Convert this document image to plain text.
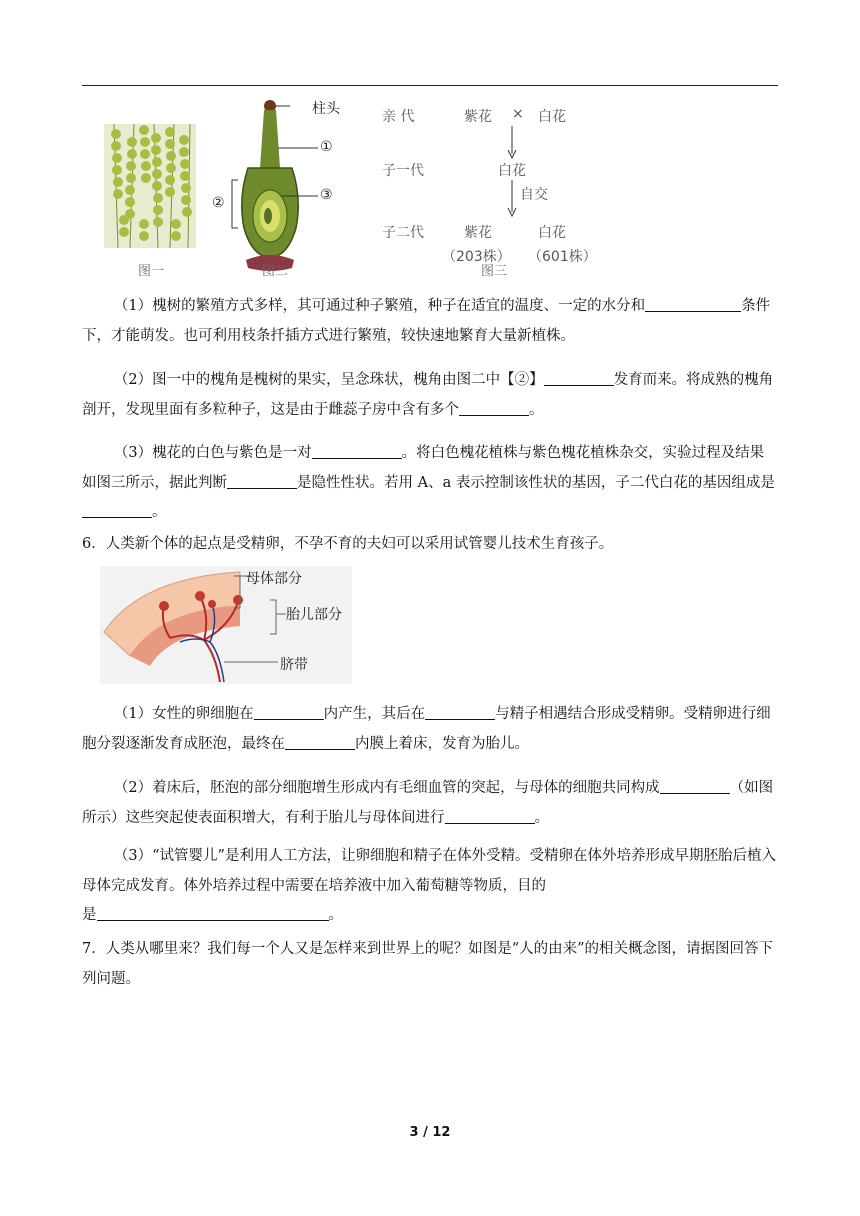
图一
柱头
①
③
②
图二
亲 代	紫花 × 白花
子一代	白花
自交
子二代	紫花	白花
（203株） （601株）
图三
（1）槐树的繁殖方式多样，其可通过种子繁殖，种子在适宜的温度、一定的水分和	条件下，才能萌发。也可利用枝条扦插方式进行繁殖，较快速地繁育大量新植株。
（2）图一中的槐角是槐树的果实，呈念珠状，槐角由图二中【②】	发育而来。将成熟的槐角剖开，发现里面有多粒种子，这是由于雌蕊子房中含有多个	。
（3）槐花的白色与紫色是一对	。将白色槐花植株与紫色槐花植株杂交，实验过程及结果如图三所示，据此判断	是隐性性状。若用 A、a 表示控制该性状的基因，子二代白花的基因组成是。
6．人类新个体的起点是受精卵，不孕不育的夫妇可以采用试管婴儿技术生育孩子。
母体部分
胎儿部分
脐带
（1）女性的卵细胞在	内产生，其后在	与精子相遇结合形成受精卵。受精卵进行细胞分裂逐渐发育成胚泡，最终在	内膜上着床，发育为胎儿。
（2）着床后，胚泡的部分细胞增生形成内有毛细血管的突起，与母体的细胞共同构成	（如图所示）这些突起使表面积增大，有利于胎儿与母体间进行	。
（3）“试管婴儿”是利用人工方法，让卵细胞和精子在体外受精。受精卵在体外培养形成早期胚胎后植入母体完成发育。体外培养过程中需要在培养液中加入葡萄糖等物质，目的
是	。
7．人类从哪里来？我们每一个人又是怎样来到世界上的呢？如图是“人的由来”的相关概念图，请据图回答下列问题。
3 / 12
